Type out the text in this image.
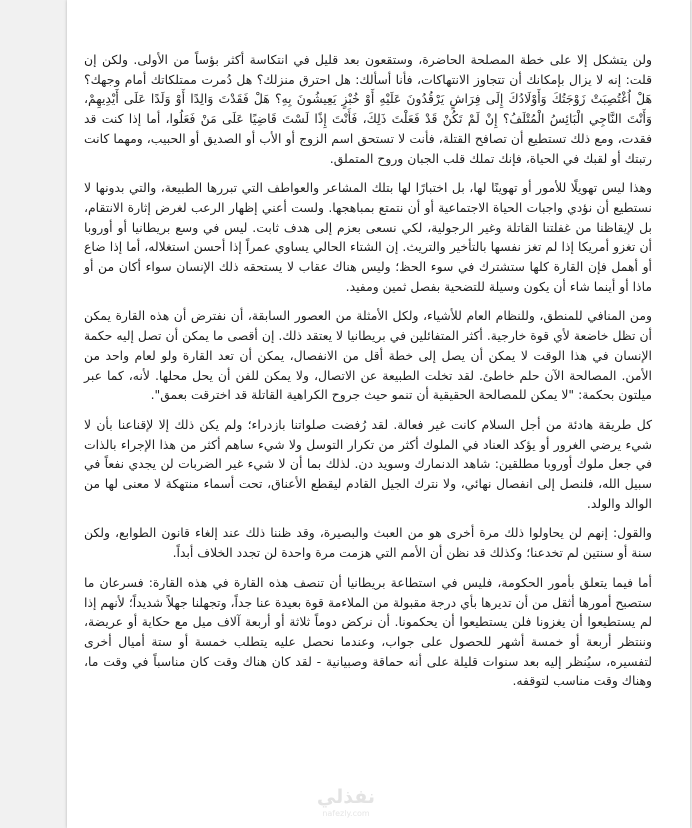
ولن يتشكل إلا على خطة المصلحة الحاضرة، وستقعون بعد قليل في انتكاسة أكثر بؤساً من الأولى. ولكن إن قلت: إنه لا يزال بإمكانك أن تتجاوز الانتهاكات، فأنا أسألك: هل احترق منزلك؟ هل دُمرت ممتلكاتك أمام وجهك؟ هَلْ اُغْتُصِبَتْ زَوْجَتُكَ وَأَوْلَادُكَ إِلَى فِرَاشٍ يَرْقُدُونَ عَلَيْهِ أَوْ خُبْزٍ يَعِيشُونَ بِهِ؟ هَلْ فَقَدْتَ وَالِدًا أَوْ وَلَدًا عَلَى أَيْدِيهِمْ، وَأَنْتَ النَّاجِي الْبَائِسُ الْمُتْلَفُ؟ إِنْ لَمْ تَكُنْ قَدْ فَعَلْتَ ذَلِكَ، فَأَنْتَ إِذًا لَسْتَ قَاضِيًا عَلَى مَنْ فَعَلُوا، أما إذا كنت قد فقدت، ومع ذلك تستطيع أن تصافح القتلة، فأنت لا تستحق اسم الزوج أو الأب أو الصديق أو الحبيب، ومهما كانت رتبتك أو لقبك في الحياة، فإنك تملك قلب الجبان وروح المتملق.

وهذا ليس تهويلًا للأمور أو تهوينًا لها، بل اختبارًا لها بتلك المشاعر والعواطف التي تبررها الطبيعة، والتي بدونها لا نستطيع أن نؤدي واجبات الحياة الاجتماعية أو أن نتمتع بمباهجها. ولست أعني إظهار الرعب لغرض إثارة الانتقام، بل لإيقاظنا من غفلتنا القاتلة وغير الرجولية، لكي نسعى بعزم إلى هدف ثابت. ليس في وسع بريطانيا أو أوروبا أن تغزو أمريكا إذا لم تغز نفسها بالتأخير والتريث. إن الشتاء الحالي يساوي عمراً إذا أحسن استغلاله، أما إذا ضاع أو أهمل فإن القارة كلها ستشترك في سوء الحظ؛ وليس هناك عقاب لا يستحقه ذلك الإنسان سواء أكان من أو ماذا أو أينما شاء أن يكون وسيلة للتضحية بفصل ثمين ومفيد.

ومن المنافي للمنطق، وللنظام العام للأشياء، ولكل الأمثلة من العصور السابقة، أن نفترض أن هذه القارة يمكن أن تظل خاضعة لأي قوة خارجية. أكثر المتفائلين في بريطانيا لا يعتقد ذلك. إن أقصى ما يمكن أن تصل إليه حكمة الإنسان في هذا الوقت لا يمكن أن يصل إلى خطة أقل من الانفصال، يمكن أن تعد القارة ولو لعام واحد من الأمن. المصالحة الآن حلم خاطئ. لقد تخلت الطبيعة عن الاتصال، ولا يمكن للفن أن يحل محلها. لأنه، كما عبر ميلتون بحكمة: "لا يمكن للمصالحة الحقيقية أن تنمو حيث جروح الكراهية القاتلة قد اخترقت بعمق".

كل طريقة هادئة من أجل السلام كانت غير فعالة. لقد رُفضت صلواتنا بازدراء؛ ولم يكن ذلك إلا لإقناعنا بأن لا شيء يرضي الغرور أو يؤكد العناد في الملوك أكثر من تكرار التوسل ولا شيء ساهم أكثر من هذا الإجراء بالذات في جعل ملوك أوروبا مطلقين: شاهد الدنمارك وسويد دن. لذلك بما أن لا شيء غير الضربات لن يجدي نفعاً في سبيل الله، فلنصل إلى انفصال نهائي، ولا نترك الجيل القادم ليقطع الأعناق، تحت أسماء منتهكة لا معنى لها من الوالد والولد.

والقول: إنهم لن يحاولوا ذلك مرة أخرى هو من العبث والبصيرة، وقد ظننا ذلك عند إلغاء قانون الطوابع، ولكن سنة أو سنتين لم تخدعنا؛ وكذلك قد نظن أن الأمم التي هزمت مرة واحدة لن تجدد الخلاف أبداً.

أما فيما يتعلق بأمور الحكومة، فليس في استطاعة بريطانيا أن تنصف هذه القارة في هذه القارة: فسرعان ما ستصبح أمورها أثقل من أن تديرها بأي درجة مقبولة من الملاءمة قوة بعيدة عنا جداً، وتجهلنا جهلاً شديداً؛ لأنهم إذا لم يستطيعوا أن يغزونا فلن يستطيعوا أن يحكمونا. أن نركض دوماً ثلاثة أو أربعة آلاف ميل مع حكاية أو عريضة، وننتظر أربعة أو خمسة أشهر للحصول على جواب، وعندما نحصل عليه يتطلب خمسة أو ستة أميال أخرى لتفسيره، سيُنظر إليه بعد سنوات قليلة على أنه حماقة وصبيانية - لقد كان هناك وقت كان مناسباً في وقت ما، وهناك وقت مناسب لتوقفه.

نفذلي
nafezly.com
